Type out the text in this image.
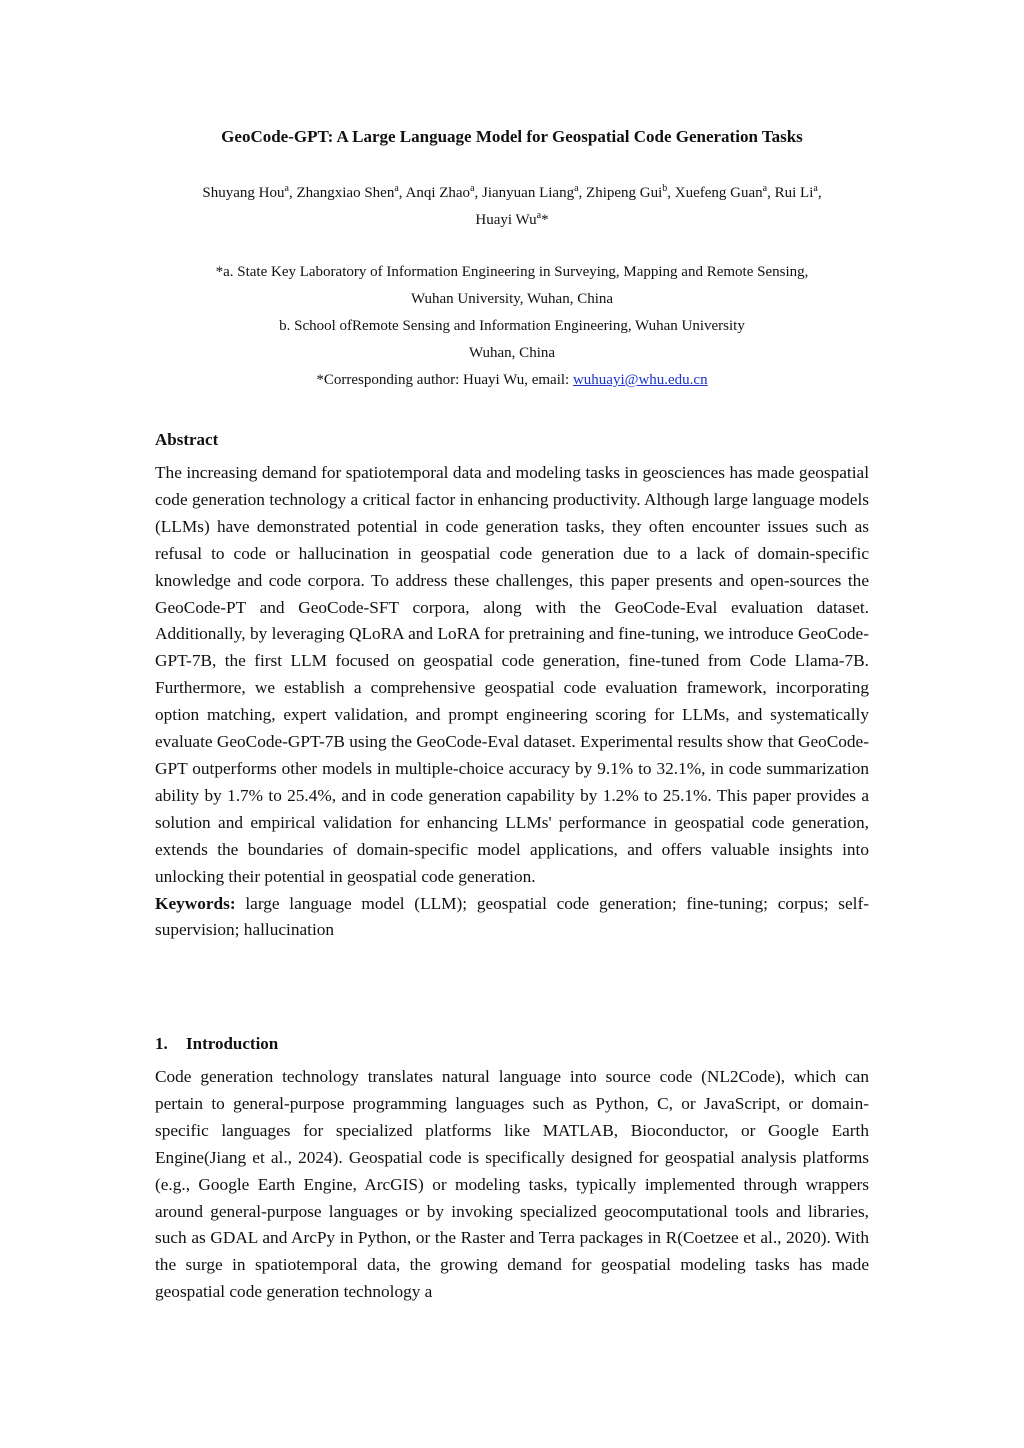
GeoCode-GPT: A Large Language Model for Geospatial Code Generation Tasks
Shuyang Hou$^a$, Zhangxiao Shen$^a$, Anqi Zhao$^a$, Jianyuan Liang$^a$, Zhipeng Gui$^b$, Xuefeng Guan$^a$, Rui Li$^a$,
Huayi Wu$^a$*
*a. State Key Laboratory of Information Engineering in Surveying, Mapping and Remote Sensing,
Wuhan University, Wuhan, China
b. School ofRemote Sensing and Information Engineering, Wuhan University
Wuhan, China
*Corresponding author: Huayi Wu, email: wuhuayi@whu.edu.cn
Abstract
The increasing demand for spatiotemporal data and modeling tasks in geosciences has made geospatial code generation technology a critical factor in enhancing productivity. Although large language models (LLMs) have demonstrated potential in code generation tasks, they often encounter issues such as refusal to code or hallucination in geospatial code generation due to a lack of domain-specific knowledge and code corpora. To address these challenges, this paper presents and open-sources the GeoCode-PT and GeoCode-SFT corpora, along with the GeoCode-Eval evaluation dataset. Additionally, by leveraging QLoRA and LoRA for pretraining and fine-tuning, we introduce GeoCode-GPT-7B, the first LLM focused on geospatial code generation, fine-tuned from Code Llama-7B. Furthermore, we establish a comprehensive geospatial code evaluation framework, incorporating option matching, expert validation, and prompt engineering scoring for LLMs, and systematically evaluate GeoCode-GPT-7B using the GeoCode-Eval dataset. Experimental results show that GeoCode-GPT outperforms other models in multiple-choice accuracy by 9.1% to 32.1%, in code summarization ability by 1.7% to 25.4%, and in code generation capability by 1.2% to 25.1%. This paper provides a solution and empirical validation for enhancing LLMs' performance in geospatial code generation, extends the boundaries of domain-specific model applications, and offers valuable insights into unlocking their potential in geospatial code generation.
Keywords: large language model (LLM); geospatial code generation; fine-tuning; corpus; self-supervision; hallucination
1. Introduction
Code generation technology translates natural language into source code (NL2Code), which can pertain to general-purpose programming languages such as Python, C, or JavaScript, or domain-specific languages for specialized platforms like MATLAB, Bioconductor, or Google Earth Engine(Jiang et al., 2024). Geospatial code is specifically designed for geospatial analysis platforms (e.g., Google Earth Engine, ArcGIS) or modeling tasks, typically implemented through wrappers around general-purpose languages or by invoking specialized geocomputational tools and libraries, such as GDAL and ArcPy in Python, or the Raster and Terra packages in R(Coetzee et al., 2020). With the surge in spatiotemporal data, the growing demand for geospatial modeling tasks has made geospatial code generation technology a
